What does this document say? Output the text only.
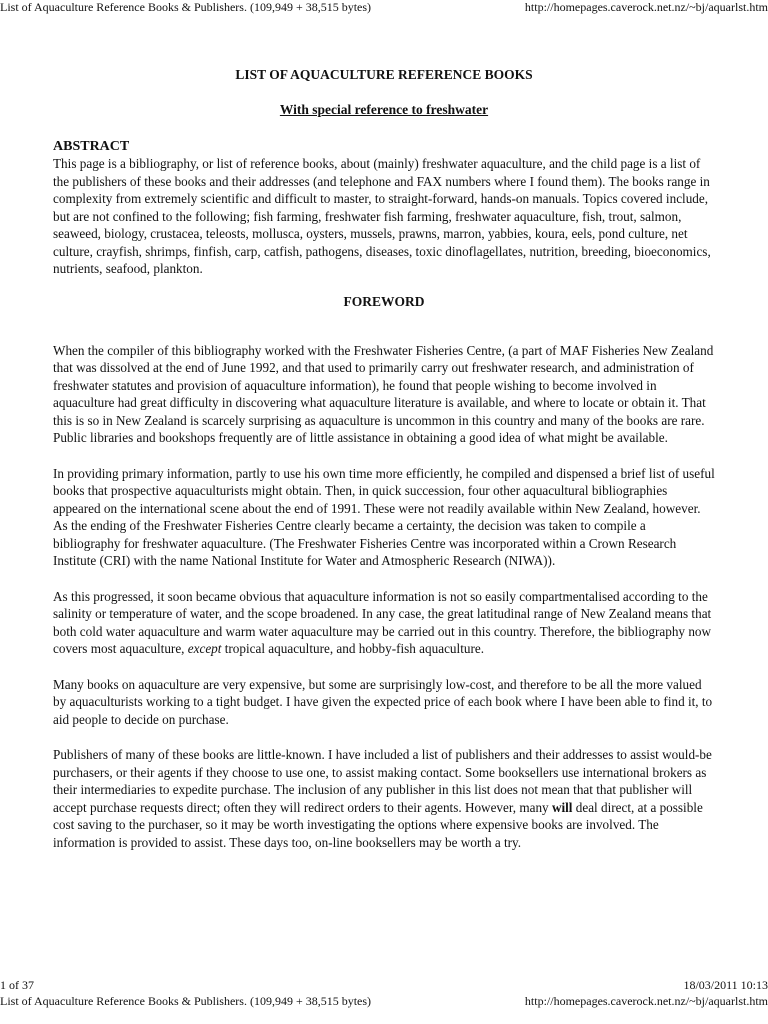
List of Aquaculture Reference Books & Publishers. (109,949 + 38,515 bytes)	http://homepages.caverock.net.nz/~bj/aquarlst.htm
LIST OF AQUACULTURE REFERENCE BOOKS
With special reference to freshwater
ABSTRACT

This page is a bibliography, or list of reference books, about (mainly) freshwater aquaculture, and the child page is a list of the publishers of these books and their addresses (and telephone and FAX numbers where I found them). The books range in complexity from extremely scientific and difficult to master, to straight-forward, hands-on manuals. Topics covered include, but are not confined to the following; fish farming, freshwater fish farming, freshwater aquaculture, fish, trout, salmon, seaweed, biology, crustacea, teleosts, mollusca, oysters, mussels, prawns, marron, yabbies, koura, eels, pond culture, net culture, crayfish, shrimps, finfish, carp, catfish, pathogens, diseases, toxic dinoflagellates, nutrition, breeding, bioeconomics, nutrients, seafood, plankton.

FOREWORD

When the compiler of this bibliography worked with the Freshwater Fisheries Centre, (a part of MAF Fisheries New Zealand that was dissolved at the end of June 1992, and that used to primarily carry out freshwater research, and administration of freshwater statutes and provision of aquaculture information), he found that people wishing to become involved in aquaculture had great difficulty in discovering what aquaculture literature is available, and where to locate or obtain it. That this is so in New Zealand is scarcely surprising as aquaculture is uncommon in this country and many of the books are rare. Public libraries and bookshops frequently are of little assistance in obtaining a good idea of what might be available.

In providing primary information, partly to use his own time more efficiently, he compiled and dispensed a brief list of useful books that prospective aquaculturists might obtain. Then, in quick succession, four other aquacultural bibliographies appeared on the international scene about the end of 1991. These were not readily available within New Zealand, however. As the ending of the Freshwater Fisheries Centre clearly became a certainty, the decision was taken to compile a bibliography for freshwater aquaculture. (The Freshwater Fisheries Centre was incorporated within a Crown Research Institute (CRI) with the name National Institute for Water and Atmospheric Research (NIWA)).

As this progressed, it soon became obvious that aquaculture information is not so easily compartmentalised according to the salinity or temperature of water, and the scope broadened. In any case, the great latitudinal range of New Zealand means that both cold water aquaculture and warm water aquaculture may be carried out in this country. Therefore, the bibliography now covers most aquaculture, except tropical aquaculture, and hobby-fish aquaculture.

Many books on aquaculture are very expensive, but some are surprisingly low-cost, and therefore to be all the more valued by aquaculturists working to a tight budget. I have given the expected price of each book where I have been able to find it, to aid people to decide on purchase.

Publishers of many of these books are little-known. I have included a list of publishers and their addresses to assist would-be purchasers, or their agents if they choose to use one, to assist making contact. Some booksellers use international brokers as their intermediaries to expedite purchase. The inclusion of any publisher in this list does not mean that that publisher will accept purchase requests direct; often they will redirect orders to their agents. However, many will deal direct, at a possible cost saving to the purchaser, so it may be worth investigating the options where expensive books are involved. The information is provided to assist. These days too, on-line booksellers may be worth a try.

1 of 37	18/03/2011 10:13
List of Aquaculture Reference Books & Publishers. (109,949 + 38,515 bytes)	http://homepages.caverock.net.nz/~bj/aquarlst.htm
